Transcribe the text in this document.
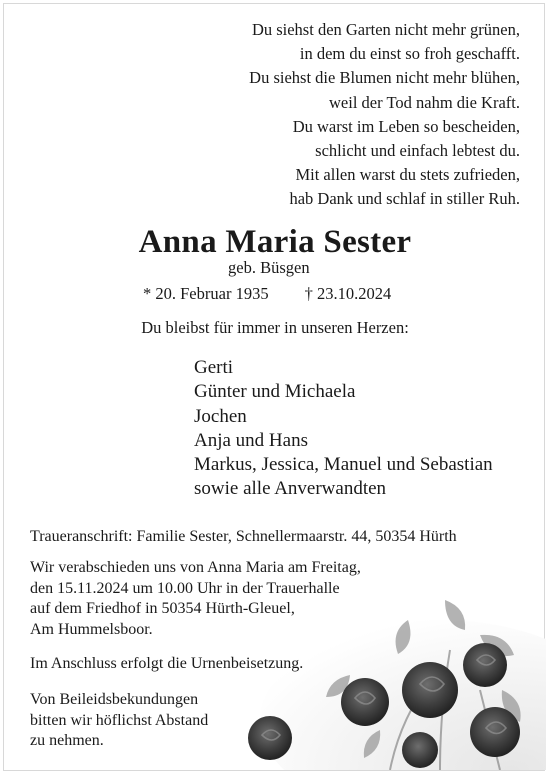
Du siehst den Garten nicht mehr grünen,
in dem du einst so froh geschafft.
Du siehst die Blumen nicht mehr blühen,
weil der Tod nahm die Kraft.
Du warst im Leben so bescheiden,
schlicht und einfach lebtest du.
Mit allen warst du stets zufrieden,
hab Dank und schlaf in stiller Ruh.
Anna Maria Sester
geb. Büsgen
* 20. Februar 1935 † 23.10.2024
Du bleibst für immer in unseren Herzen:
Gerti
Günter und Michaela
Jochen
Anja und Hans
Markus, Jessica, Manuel und Sebastian
sowie alle Anverwandten
Traueranschrift: Familie Sester, Schnellermaarstr. 44, 50354 Hürth
Wir verabschieden uns von Anna Maria am Freitag,
den 15.11.2024 um 10.00 Uhr in der Trauerhalle
auf dem Friedhof in 50354 Hürth-Gleuel,
Am Hummelsboor.
Im Anschluss erfolgt die Urnenbeisetzung.
Von Beileidsbekundungen
bitten wir höflichst Abstand
zu nehmen.
